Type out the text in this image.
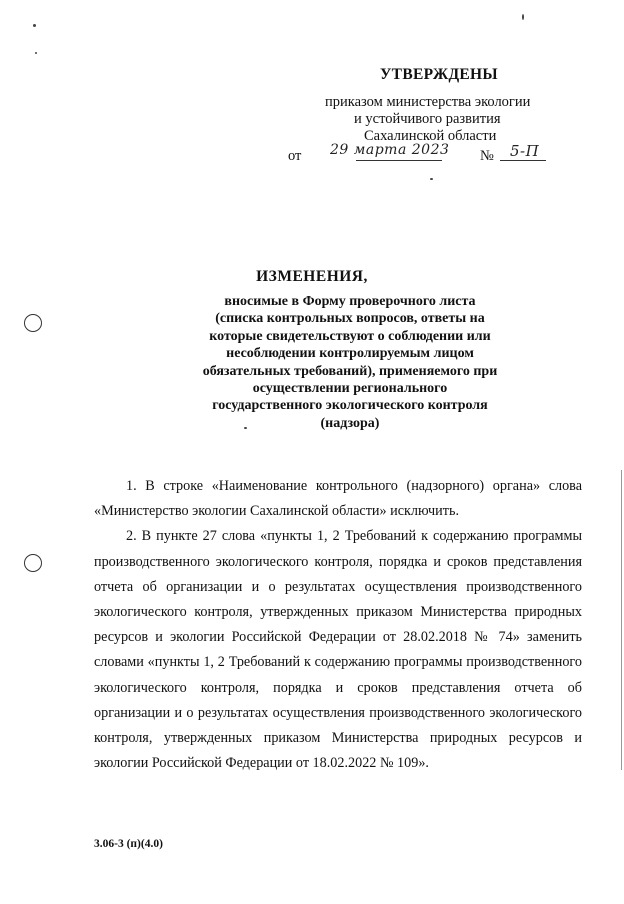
УТВЕРЖДЕНЫ
приказом министерства экологии
и устойчивого развития
Сахалинской области
от 29 марта 2023 № 5-П
ИЗМЕНЕНИЯ,
вносимые в Форму проверочного листа
(списка контрольных вопросов, ответы на
которые свидетельствуют о соблюдении или
несоблюдении контролируемым лицом
обязательных требований), применяемого при
осуществлении регионального
государственного экологического контроля
(надзора)

1. В строке «Наименование контрольного (надзорного) органа» слова «Министерство экологии Сахалинской области» исключить.

2. В пункте 27 слова «пункты 1, 2 Требований к содержанию программы производственного экологического контроля, порядка и сроков представления отчета об организации и о результатах осуществления производственного экологического контроля, утвержденных приказом Министерства природных ресурсов и экологии Российской Федерации от 28.02.2018 № 74» заменить словами «пункты 1, 2 Требований к содержанию программы производственного экологического контроля, порядка и сроков представления отчета об организации и о результатах осуществления производственного экологического контроля, утвержденных приказом Министерства природных ресурсов и экологии Российской Федерации от 18.02.2022 № 109».

3.06-3 (п)(4.0)
